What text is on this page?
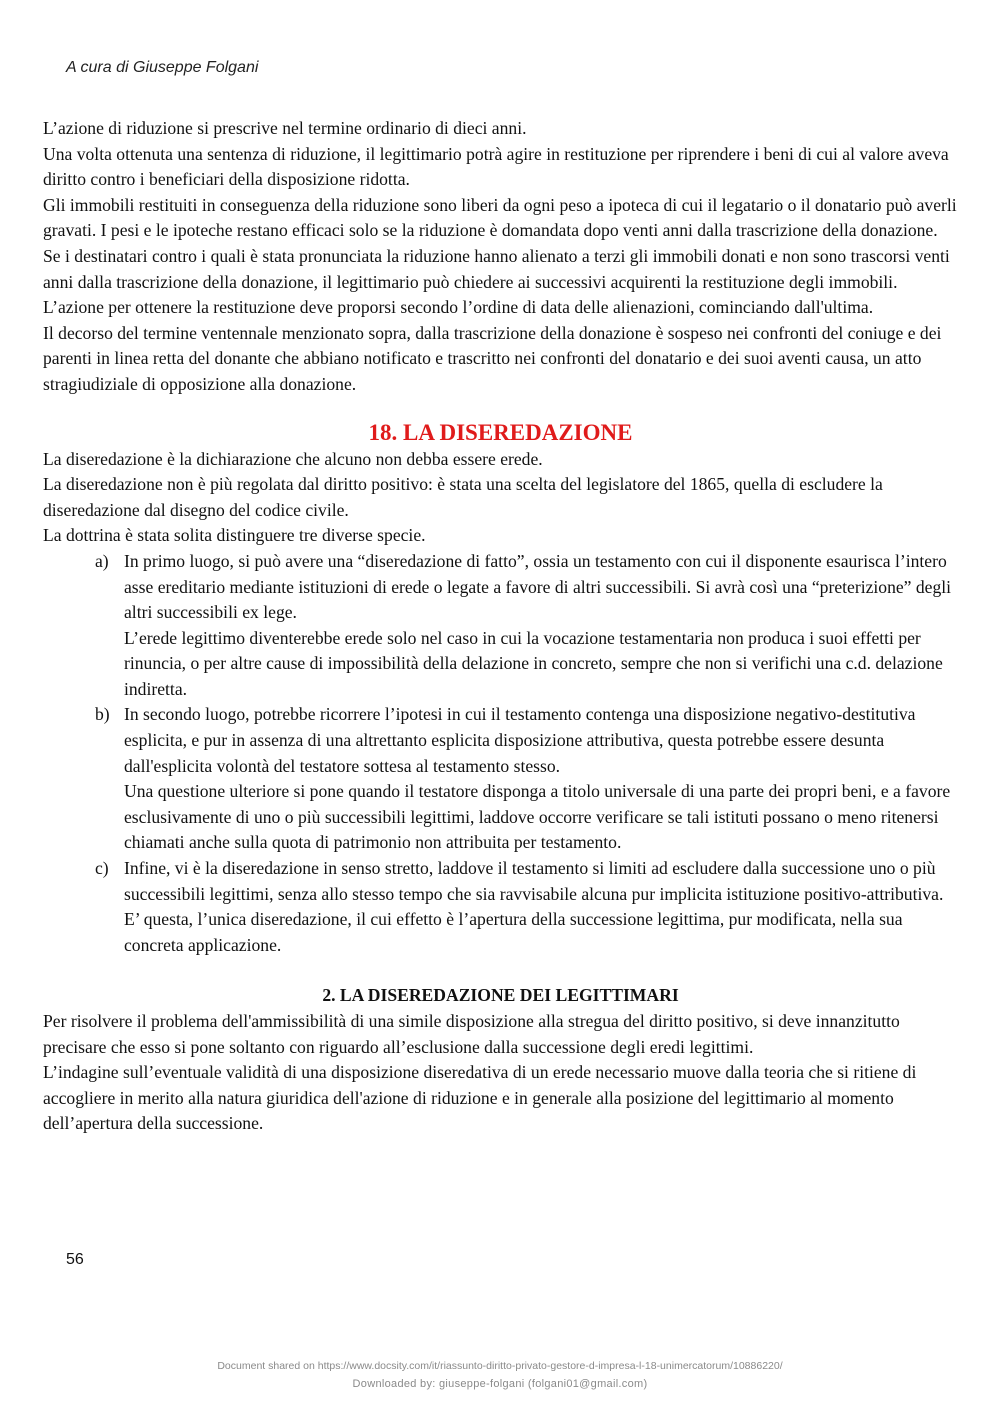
A cura di Giuseppe Folgani

L’azione di riduzione si prescrive nel termine ordinario di dieci anni.

Una volta ottenuta una sentenza di riduzione, il legittimario potrà agire in restituzione per riprendere i beni di cui al valore aveva diritto contro i beneficiari della disposizione ridotta.

Gli immobili restituiti in conseguenza della riduzione sono liberi da ogni peso a ipoteca di cui il legatario o il donatario può averli gravati. I pesi e le ipoteche restano efficaci solo se la riduzione è domandata dopo venti anni dalla trascrizione della donazione.

Se i destinatari contro i quali è stata pronunciata la riduzione hanno alienato a terzi gli immobili donati e non sono trascorsi venti anni dalla trascrizione della donazione, il legittimario può chiedere ai successivi acquirenti la restituzione degli immobili.

L’azione per ottenere la restituzione deve proporsi secondo l’ordine di data delle alienazioni, cominciando dall'ultima.

Il decorso del termine ventennale menzionato sopra, dalla trascrizione della donazione è sospeso nei confronti del coniuge e dei parenti in linea retta del donante che abbiano notificato e trascritto nei confronti del donatario e dei suoi aventi causa, un atto stragiudiziale di opposizione alla donazione.

18. LA DISEREDAZIONE

La diseredazione è la dichiarazione che alcuno non debba essere erede.

La diseredazione non è più regolata dal diritto positivo: è stata una scelta del legislatore del 1865, quella di escludere la diseredazione dal disegno del codice civile.

La dottrina è stata solita distinguere tre diverse specie.

a) In primo luogo, si può avere una “diseredazione di fatto”, ossia un testamento con cui il disponente esaurisca l’intero asse ereditario mediante istituzioni di erede o legate a favore di altri successibili. Si avrà così una “preterizione” degli altri successibili ex lege.

L’erede legittimo diventerebbe erede solo nel caso in cui la vocazione testamentaria non produca i suoi effetti per rinuncia, o per altre cause di impossibilità della delazione in concreto, sempre che non si verifichi una c.d. delazione indiretta.

b) In secondo luogo, potrebbe ricorrere l’ipotesi in cui il testamento contenga una disposizione negativo-destitutiva esplicita, e pur in assenza di una altrettanto esplicita disposizione attributiva, questa potrebbe essere desunta dall'esplicita volontà del testatore sottesa al testamento stesso.

Una questione ulteriore si pone quando il testatore disponga a titolo universale di una parte dei propri beni, e a favore esclusivamente di uno o più successibili legittimi, laddove occorre verificare se tali istituti possano o meno ritenersi chiamati anche sulla quota di patrimonio non attribuita per testamento.

c) Infine, vi è la diseredazione in senso stretto, laddove il testamento si limiti ad escludere dalla successione uno o più successibili legittimi, senza allo stesso tempo che sia ravvisabile alcuna pur implicita istituzione positivo-attributiva.

E’ questa, l’unica diseredazione, il cui effetto è l’apertura della successione legittima, pur modificata, nella sua concreta applicazione.

2. LA DISEREDAZIONE DEI LEGITTIMARI

Per risolvere il problema dell'ammissibilità di una simile disposizione alla stregua del diritto positivo, si deve innanzitutto precisare che esso si pone soltanto con riguardo all’esclusione dalla successione degli eredi legittimi.

L’indagine sull’eventuale validità di una disposizione diseredativa di un erede necessario muove dalla teoria che si ritiene di accogliere in merito alla natura giuridica dell'azione di riduzione e in generale alla posizione del legittimario al momento dell’apertura della successione.

56
Document shared on https://www.docsity.com/it/riassunto-diritto-privato-gestore-d-impresa-l-18-unimercatorum/10886220/
Downloaded by: giuseppe-folgani (folgani01@gmail.com)
